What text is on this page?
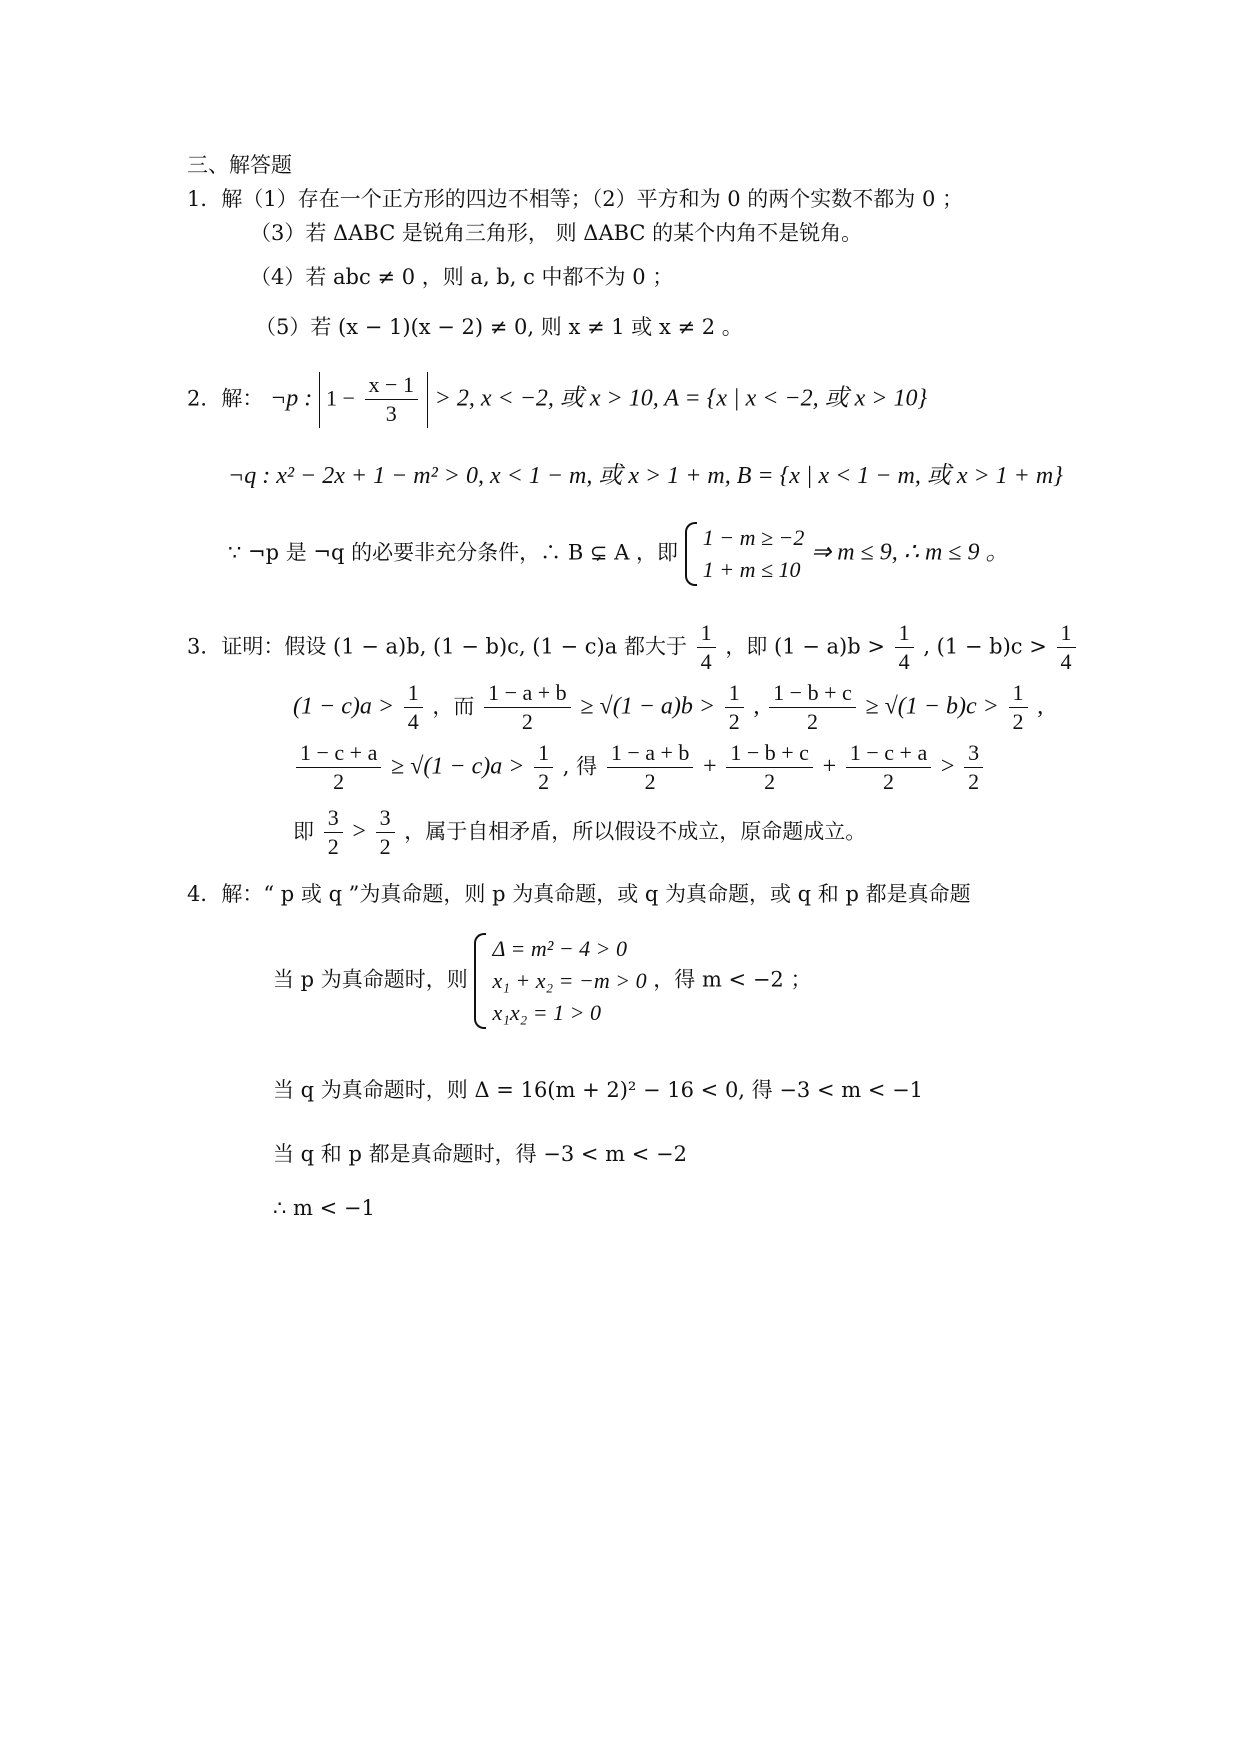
三、解答题
1．解（1）存在一个正方形的四边不相等；（2）平方和为 0 的两个实数不都为 0 ；
（3）若 ΔABC 是锐角三角形， 则 ΔABC 的某个内角不是锐角。
（4）若 abc ≠ 0 ，则 a, b, c 中都不为 0 ；
（5）若 (x − 1)(x − 2) ≠ 0, 则 x ≠ 1 或 x ≠ 2 。
2．解： ¬p : $1 - \frac{x - 1}{3} > 2$, x < −2, 或 x > 10, A = {x | x < −2, 或 x > 10}
¬q : x² − 2x + 1 − m² > 0, x < 1 − m, 或 x > 1 + m, B = {x | x < 1 − m, 或 x > 1 + m}
∵ ¬p 是 ¬q 的必要非充分条件，∴ B ⊊ A ，即
1 − m ≥ −2
1 + m ≤ 10
⇒ m ≤ 9, ∴ m ≤ 9 。
3．证明：假设 (1 − a)b, (1 − b)c, (1 − c)a 都大于 $\frac{1}{4}$ ，即 $(1 - a)b > \frac{1}{4}$ , $(1 - b)c > \frac{1}{4}$
$(1 - c)a > \frac{1}{4}$ ，而 $\frac{1 - a + b}{2} \ge √(1 - a)b > \frac{1}{2}$ , $\frac{1 - b + c}{2} \ge √(1 - b)c > \frac{1}{2}$ ,
$\frac{1 - c + a}{2} \ge √(1 - c)a > \frac{1}{2}$ , 得 $\frac{1 - a + b}{2} + \frac{1 - b + c}{2} + \frac{1 - c + a}{2} > \frac{3}{2}$
即 $\frac{3}{2} > \frac{3}{2}$ ，属于自相矛盾，所以假设不成立，原命题成立。
4．解：“ p 或 q ”为真命题，则 p 为真命题，或 q 为真命题，或 q 和 p 都是真命题
当 p 为真命题时，则
Δ = m² − 4 > 0
x₁ + x₂ = −m > 0
x₁x₂ = 1 > 0
，得 m < −2 ；
当 q 为真命题时，则 Δ = 16(m + 2)² − 16 < 0, 得 −3 < m < −1
当 q 和 p 都是真命题时，得 −3 < m < −2
∴ m < −1
